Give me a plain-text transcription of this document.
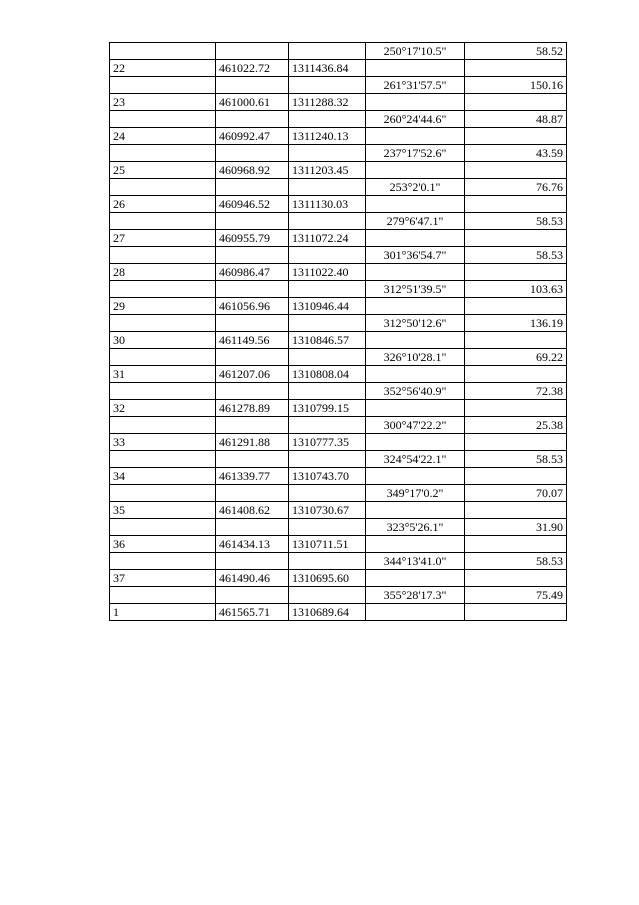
			250°17'10.5"	58.52
22	461022.72	1311436.84		
			261°31'57.5"	150.16
23	461000.61	1311288.32		
			260°24'44.6"	48.87
24	460992.47	1311240.13		
			237°17'52.6"	43.59
25	460968.92	1311203.45		
			253°2'0.1"	76.76
26	460946.52	1311130.03		
			279°6'47.1"	58.53
27	460955.79	1311072.24		
			301°36'54.7"	58.53
28	460986.47	1311022.40		
			312°51'39.5"	103.63
29	461056.96	1310946.44		
			312°50'12.6"	136.19
30	461149.56	1310846.57		
			326°10'28.1"	69.22
31	461207.06	1310808.04		
			352°56'40.9"	72.38
32	461278.89	1310799.15		
			300°47'22.2"	25.38
33	461291.88	1310777.35		
			324°54'22.1"	58.53
34	461339.77	1310743.70		
			349°17'0.2"	70.07
35	461408.62	1310730.67		
			323°5'26.1"	31.90
36	461434.13	1310711.51		
			344°13'41.0"	58.53
37	461490.46	1310695.60		
			355°28'17.3"	75.49
1	461565.71	1310689.64		
